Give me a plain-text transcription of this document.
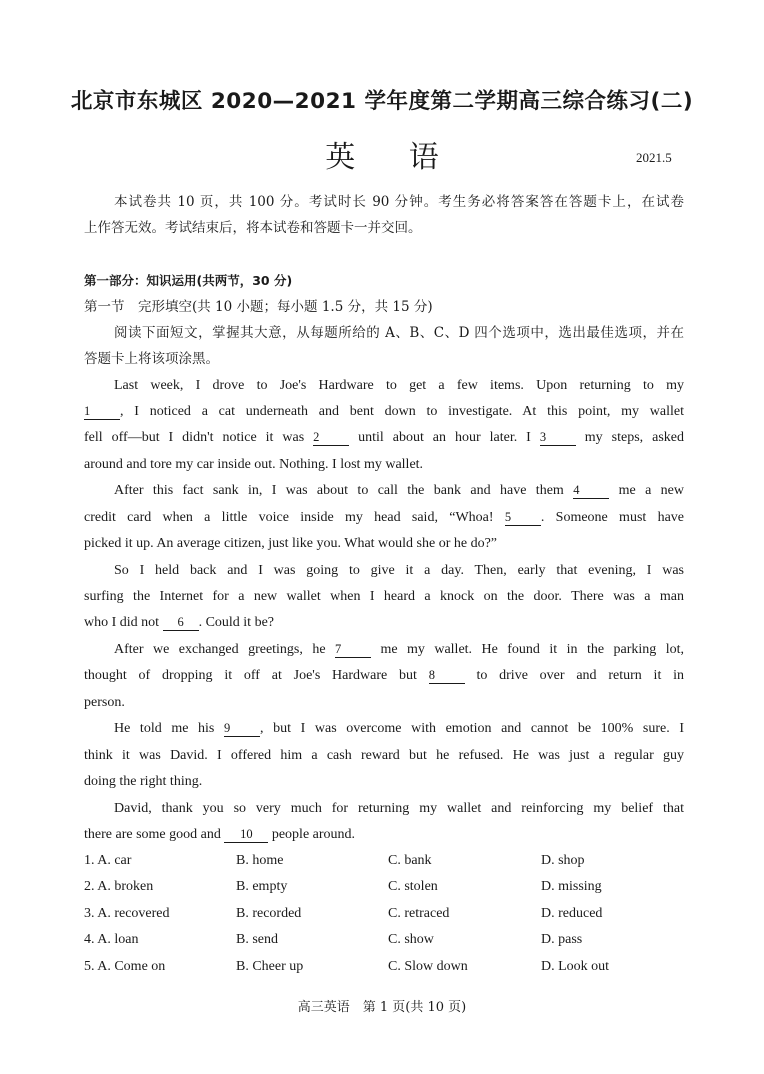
北京市东城区 2020—2021 学年度第二学期高三综合练习(二)
英 语	2021.5
本试卷共 10 页，共 100 分。考试时长 90 分钟。考生务必将答案答在答题卡上，在试卷
上作答无效。考试结束后，将本试卷和答题卡一并交回。
第一部分：知识运用(共两节，30 分)
第一节　完形填空(共 10 小题；每小题 1.5 分，共 15 分)
阅读下面短文，掌握其大意，从每题所给的 A、B、C、D 四个选项中，选出最佳选项，并在
答题卡上将该项涂黑。
Last week, I drove to Joe's Hardware to get a few items. Upon returning to my
1 , I noticed a cat underneath and bent down to investigate. At this point, my wallet
fell off—but I didn't notice it was 2	until about an hour later. I 3	my steps, asked
around and tore my car inside out. Nothing. I lost my wallet.
After this fact sank in, I was about to call the bank and have them 4	me a new
credit card when a little voice inside my head said, “Whoa! 5 . Someone must have
picked it up. An average citizen, just like you. What would she or he do?”
So I held back and I was going to give it a day. Then, early that evening, I was
surfing the Internet for a new wallet when I heard a knock on the door. There was a man
who I did not 6 . Could it be?
After we exchanged greetings, he 7	me my wallet. He found it in the parking lot,
thought of dropping it off at Joe's Hardware but 8	to drive over and return it in
person.
He told me his 9 , but I was overcome with emotion and cannot be 100% sure. I
think it was David. I offered him a cash reward but he refused. He was just a regular guy
doing the right thing.
David, thank you so very much for returning my wallet and reinforcing my belief that
there are some good and 10 people around.
1. A. car	B. home	C. bank	D. shop
2. A. broken	B. empty	C. stolen	D. missing
3. A. recovered	B. recorded	C. retraced	D. reduced
4. A. loan	B. send	C. show	D. pass
5. A. Come on	B. Cheer up	C. Slow down	D. Look out
高三英语　第 1 页(共 10 页)
